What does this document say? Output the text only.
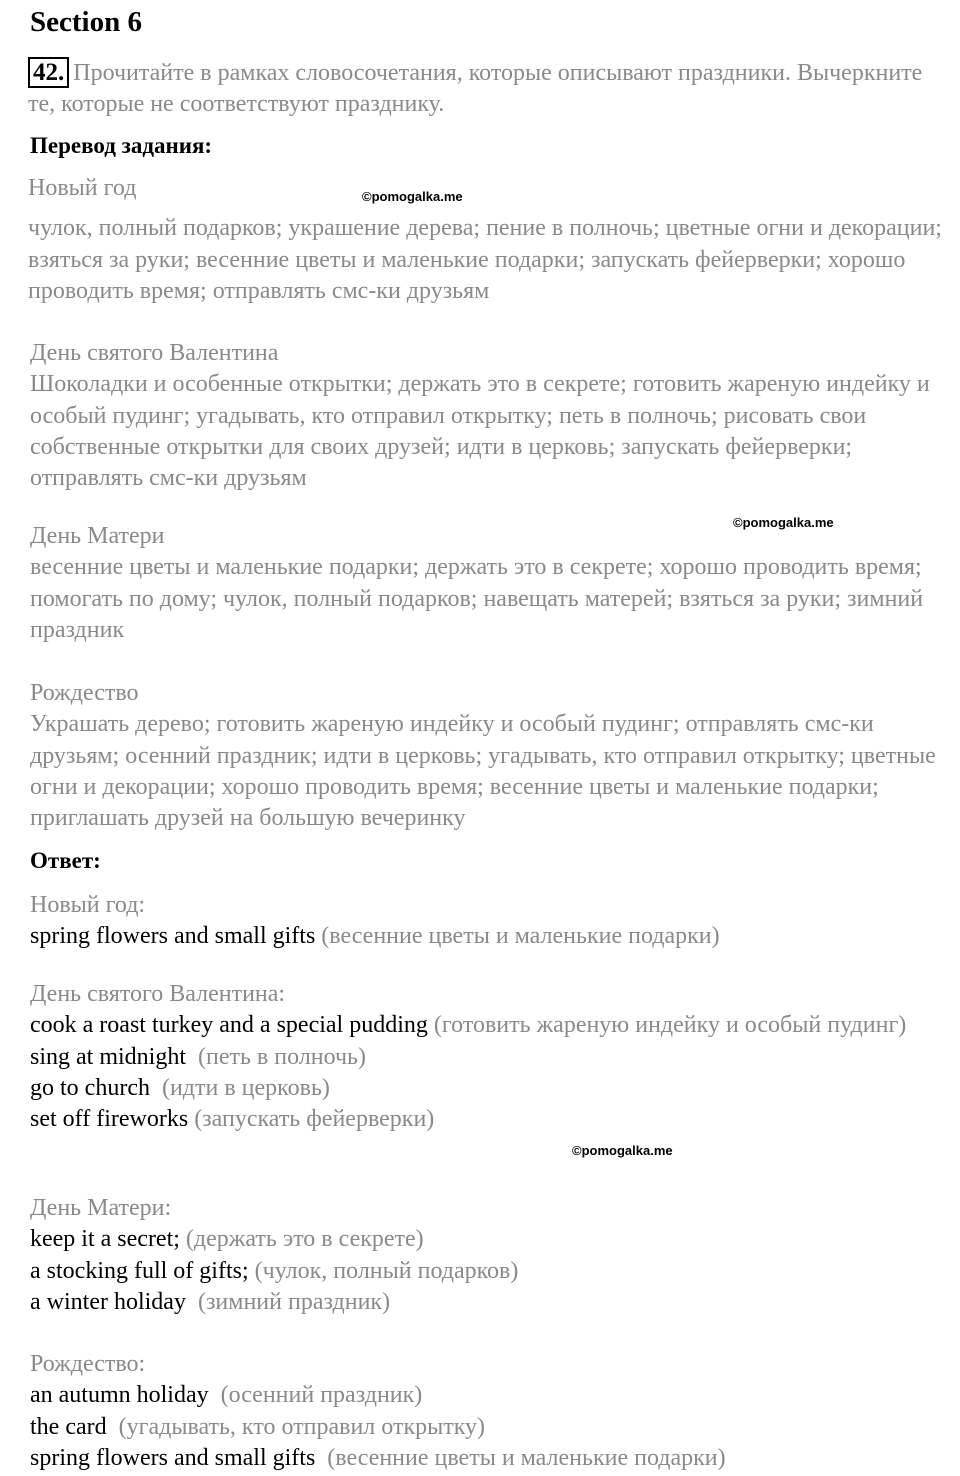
Section 6
42. Прочитайте в рамках словосочетания, которые описывают праздники. Вычеркните те, которые не соответствуют празднику.
Перевод задания:

Новый год

чулок, полный подарков; украшение дерева; пение в полночь; цветные огни и декорации; взяться за руки; весенние цветы и маленькие подарки; запускать фейерверки; хорошо проводить время; отправлять смс-ки друзьям

День святого Валентина

Шоколадки и особенные открытки; держать это в секрете; готовить жареную индейку и особый пудинг; угадывать, кто отправил открытку; петь в полночь; рисовать свои собственные открытки для своих друзей; идти в церковь; запускать фейерверки; отправлять смс-ки друзьям

День Матери

весенние цветы и маленькие подарки; держать это в секрете; хорошо проводить время; помогать по дому; чулок, полный подарков; навещать матерей; взяться за руки; зимний праздник

Рождество

Украшать дерево; готовить жареную индейку и особый пудинг; отправлять смс-ки друзьям; осенний праздник; идти в церковь; угадывать, кто отправил открытку; цветные огни и декорации; хорошо проводить время; весенние цветы и маленькие подарки; приглашать друзей на большую вечеринку

Ответ:

Новый год:

spring flowers and small gifts (весенние цветы и маленькие подарки)

День святого Валентина:

cook a roast turkey and a special pudding (готовить жареную индейку и особый пудинг)

sing at midnight (петь в полночь)

go to church (идти в церковь)

set off fireworks (запускать фейерверки)

День Матери:

keep it a secret; (держать это в секрете)

a stocking full of gifts; (чулок, полный подарков)

a winter holiday (зимний праздник)

Рождество:

an autumn holiday (осенний праздник)

the card (угадывать, кто отправил открытку)

spring flowers and small gifts (весенние цветы и маленькие подарки)

©pomogalka.me
©pomogalka.me
©pomogalka.me
